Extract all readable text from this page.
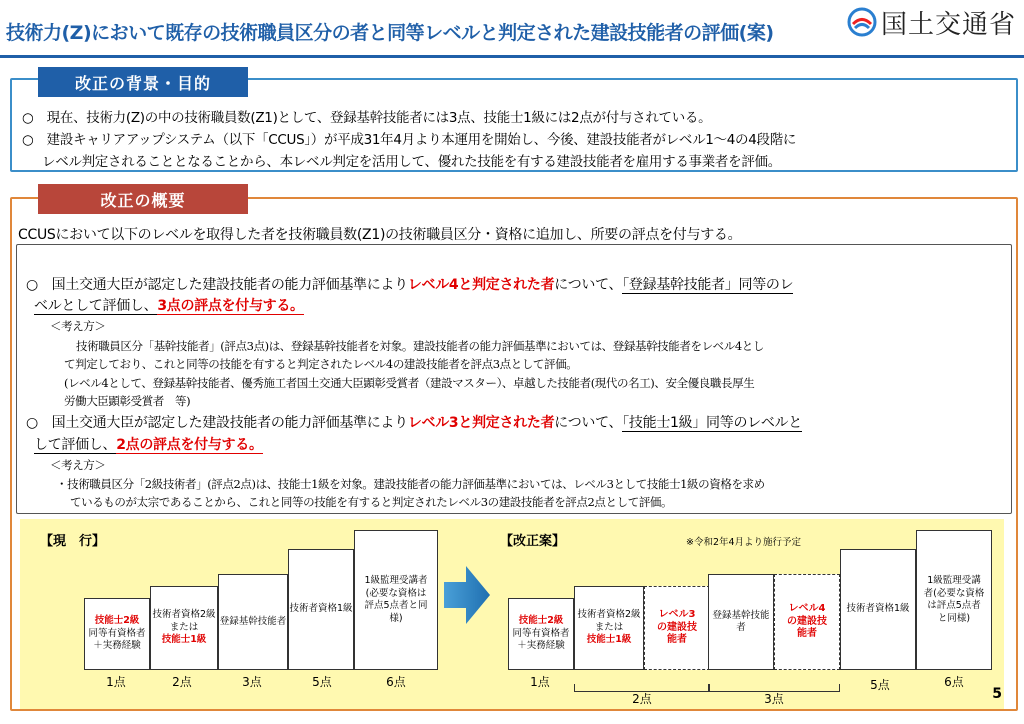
技術力(Z)において既存の技術職員区分の者と同等レベルと判定された建設技能者の評価(案)	国土交通省
改正の背景・目的
○　現在、技術力(Z)の中の技術職員数(Z1)として、登録基幹技能者には3点、技能士1級には2点が付与されている。
○　建設キャリアアップシステム（以下「CCUS」）が平成31年4月より本運用を開始し、今後、建設技能者がレベル1～4の4段階に
レベル判定されることとなることから、本レベル判定を活用して、優れた技能を有する建設技能者を雇用する事業者を評価。
改正の概要
CCUSにおいて以下のレベルを取得した者を技術職員数(Z1)の技術職員区分・資格に追加し、所要の評点を付与する。
○　国土交通大臣が認定した建設技能者の能力評価基準によりレベル4と判定された者について、「登録基幹技能者」同等のレ
ベルとして評価し、3点の評点を付与する。
＜考え方＞
技術職員区分「基幹技能者」(評点3点)は、登録基幹技能者を対象。建設技能者の能力評価基準においては、登録基幹技能者をレベル4とし
て判定しており、これと同等の技能を有すると判定されたレベル4の建設技能者を評点3点として評価。
(レベル4として、登録基幹技能者、優秀施工者国土交通大臣顕彰受賞者（建設マスター）、卓越した技能者(現代の名工)、安全優良職長厚生
労働大臣顕彰受賞者　等)
○　国土交通大臣が認定した建設技能者の能力評価基準によりレベル3と判定された者について、「技能士1級」同等のレベルと
して評価し、2点の評点を付与する。
＜考え方＞
・技術職員区分「2級技術者」(評点2点)は、技能士1級を対象。建設技能者の能力評価基準においては、レベル3として技能士1級の資格を求め
ているものが太宗であることから、これと同等の技能を有すると判定されたレベル3の建設技能者を評点2点として評価。
【現　行】	【改正案】	※令和2年4月より施行予定
技能士2級
同等有資格者＋実務経験
技術者資格2級または
技能士1級
登録基幹技能者
技術者資格1級
1級監理受講者(必要な資格は評点5点者と同様)
1点	2点	3点	5点	6点
技能士2級
同等有資格者＋実務経験
技術者資格2級または
技能士1級
レベル3の建設技能者
登録基幹技能者
レベル4の建設技能者
技術者資格1級
1級監理受講者(必要な資格は評点5点者と同様)
1点
2点	3点
5点	6点
5
